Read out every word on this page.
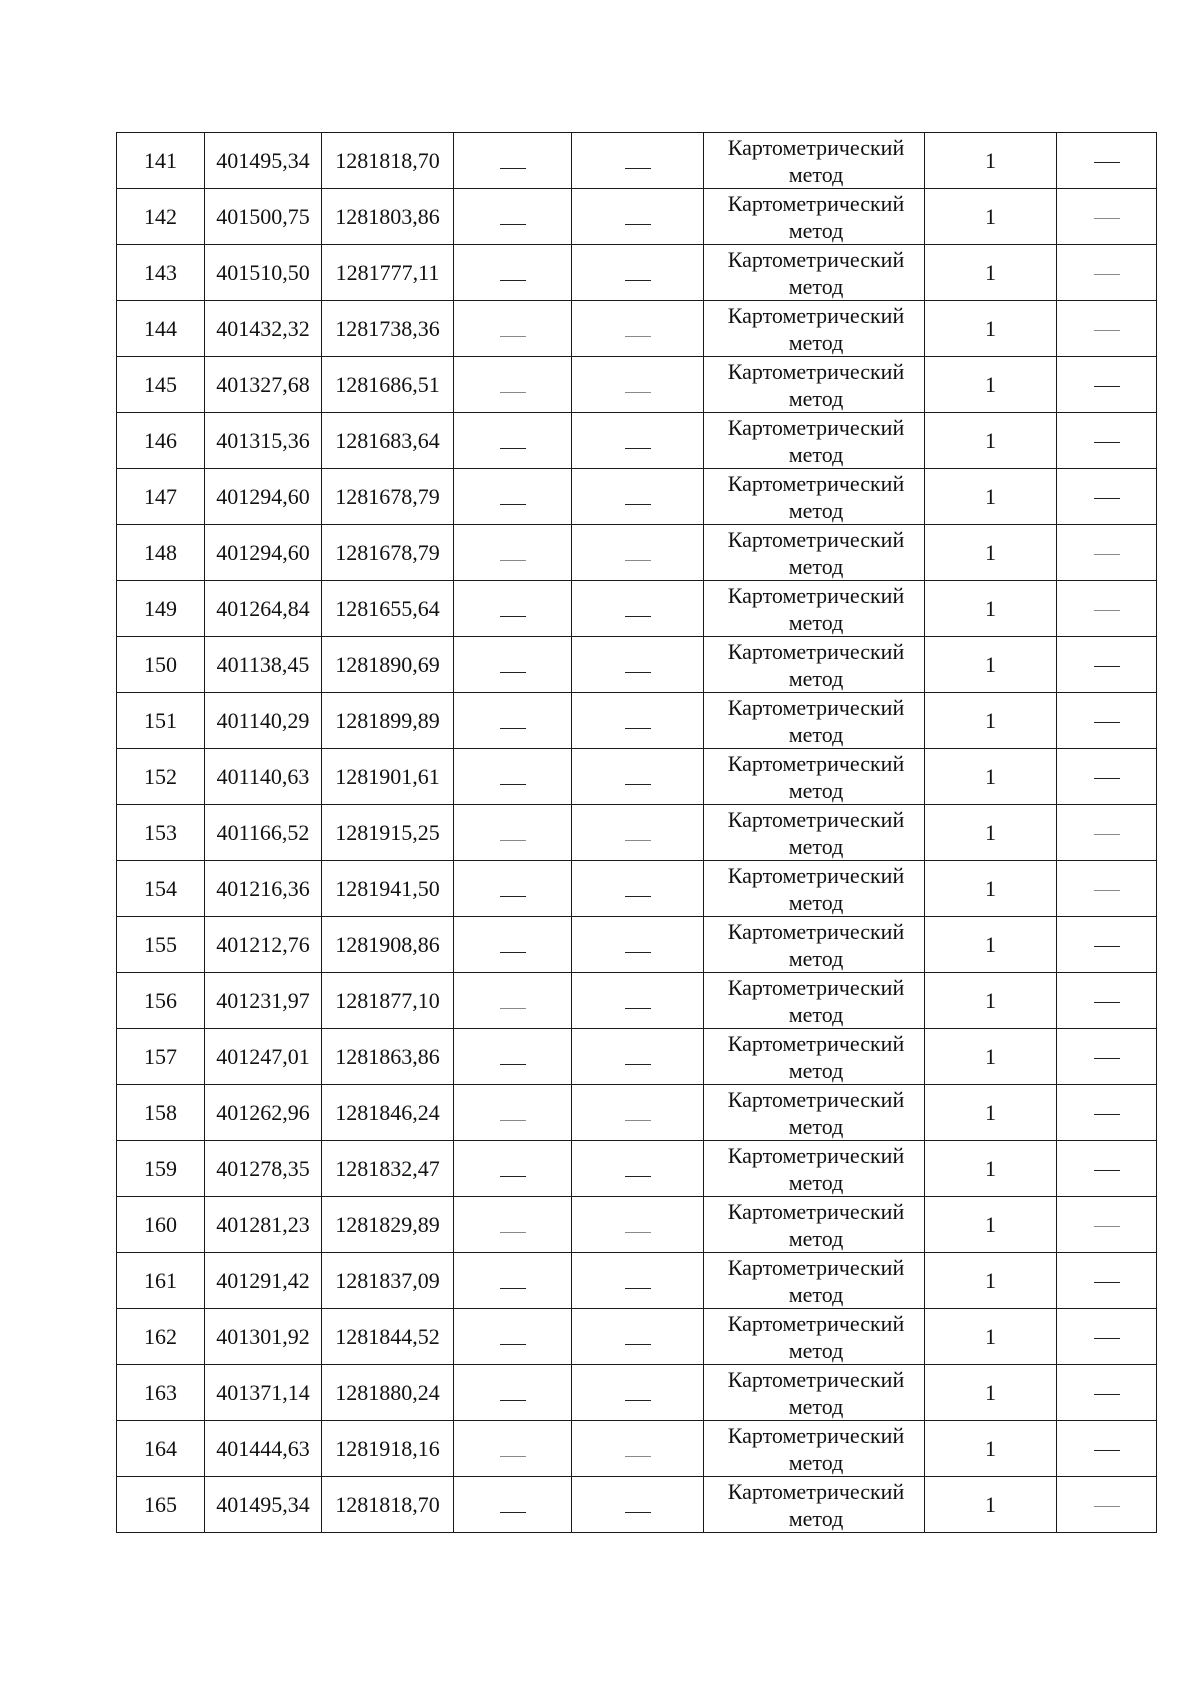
141	401495,34	1281818,70			Картометрический
метод	1	
142	401500,75	1281803,86			Картометрический
метод	1	
143	401510,50	1281777,11			Картометрический
метод	1	
144	401432,32	1281738,36			Картометрический
метод	1	
145	401327,68	1281686,51			Картометрический
метод	1	
146	401315,36	1281683,64			Картометрический
метод	1	
147	401294,60	1281678,79			Картометрический
метод	1	
148	401294,60	1281678,79			Картометрический
метод	1	
149	401264,84	1281655,64			Картометрический
метод	1	
150	401138,45	1281890,69			Картометрический
метод	1	
151	401140,29	1281899,89			Картометрический
метод	1	
152	401140,63	1281901,61			Картометрический
метод	1	
153	401166,52	1281915,25			Картометрический
метод	1	
154	401216,36	1281941,50			Картометрический
метод	1	
155	401212,76	1281908,86			Картометрический
метод	1	
156	401231,97	1281877,10			Картометрический
метод	1	
157	401247,01	1281863,86			Картометрический
метод	1	
158	401262,96	1281846,24			Картометрический
метод	1	
159	401278,35	1281832,47			Картометрический
метод	1	
160	401281,23	1281829,89			Картометрический
метод	1	
161	401291,42	1281837,09			Картометрический
метод	1	
162	401301,92	1281844,52			Картометрический
метод	1	
163	401371,14	1281880,24			Картометрический
метод	1	
164	401444,63	1281918,16			Картометрический
метод	1	
165	401495,34	1281818,70			Картометрический
метод	1	
